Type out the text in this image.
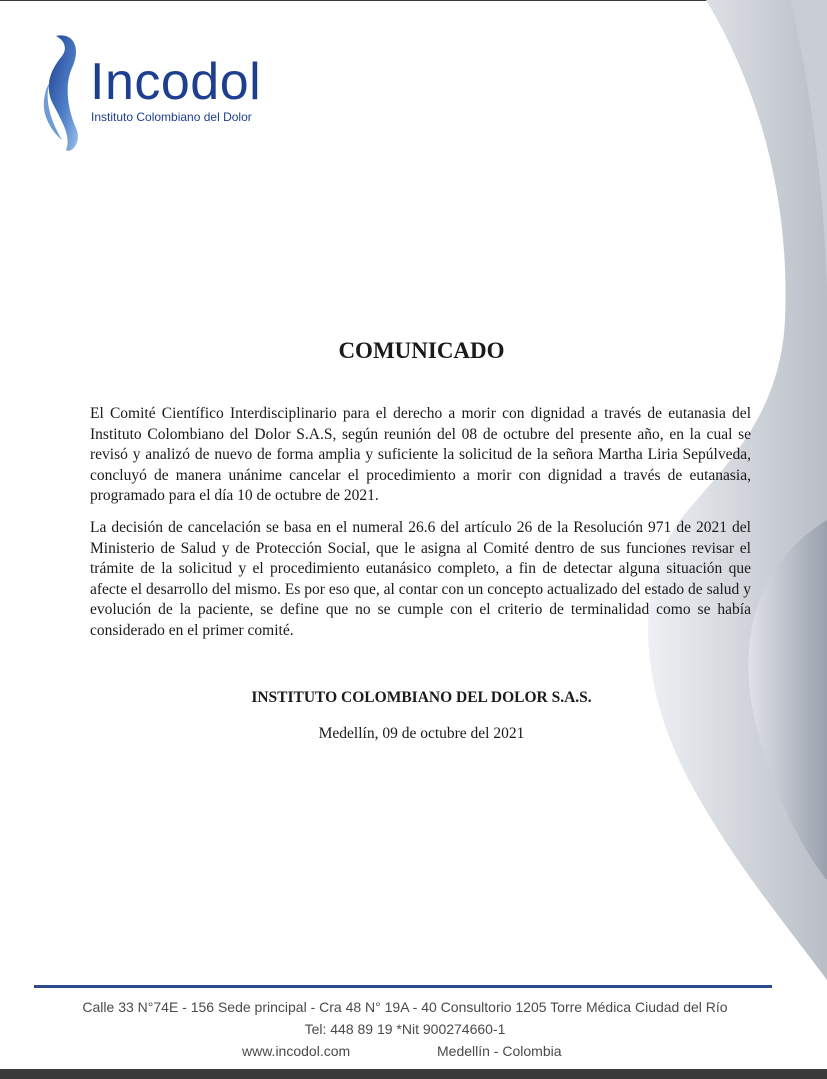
Incodol
Instituto Colombiano del Dolor
COMUNICADO

El Comité Científico Interdisciplinario para el derecho a morir con dignidad a través de eutanasia del Instituto Colombiano del Dolor S.A.S, según reunión del 08 de octubre del presente año, en la cual se revisó y analizó de nuevo de forma amplia y suficiente la solicitud de la señora Martha Liria Sepúlveda, concluyó de manera unánime cancelar el procedimiento a morir con dignidad a través de eutanasia, programado para el día 10 de octubre de 2021.

La decisión de cancelación se basa en el numeral 26.6 del artículo 26 de la Resolución 971 de 2021 del Ministerio de Salud y de Protección Social, que le asigna al Comité dentro de sus funciones revisar el trámite de la solicitud y el procedimiento eutanásico completo, a fin de detectar alguna situación que afecte el desarrollo del mismo. Es por eso que, al contar con un concepto actualizado del estado de salud y evolución de la paciente, se define que no se cumple con el criterio de terminalidad como se había considerado en el primer comité.

INSTITUTO COLOMBIANO DEL DOLOR S.A.S.
Medellín, 09 de octubre del 2021
Calle 33 N°74E - 156 Sede principal - Cra 48 N° 19A - 40 Consultorio 1205 Torre Médica Ciudad del Río
Tel: 448 89 19 *Nit 900274660-1
www.incodol.com	Medellín - Colombia
